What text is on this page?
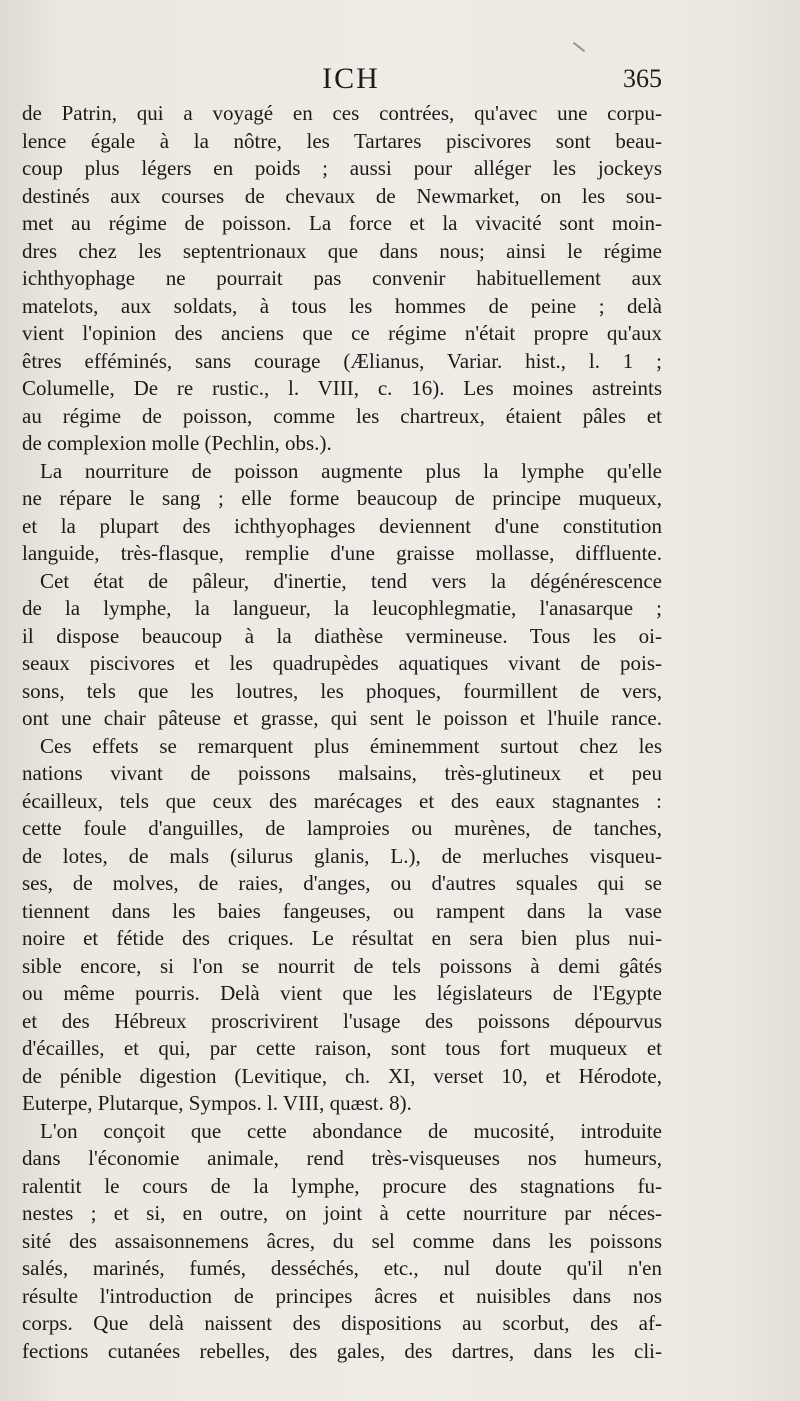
ICH	365
de Patrin, qui a voyagé en ces contrées, qu'avec une corpu-
lence égale à la nôtre, les Tartares piscivores sont beau-
coup plus légers en poids ; aussi pour alléger les jockeys
destinés aux courses de chevaux de Newmarket, on les sou-
met au régime de poisson. La force et la vivacité sont moin-
dres chez les septentrionaux que dans nous; ainsi le régime
ichthyophage ne pourrait pas convenir habituellement aux
matelots, aux soldats, à tous les hommes de peine ; delà
vient l'opinion des anciens que ce régime n'était propre qu'aux
êtres efféminés, sans courage (Ælianus, Variar. hist., l. 1 ;
Columelle, De re rustic., l. VIII, c. 16). Les moines astreints
au régime de poisson, comme les chartreux, étaient pâles et
de complexion molle (Pechlin, obs.).
La nourriture de poisson augmente plus la lymphe qu'elle
ne répare le sang ; elle forme beaucoup de principe muqueux,
et la plupart des ichthyophages deviennent d'une constitution
languide, très-flasque, remplie d'une graisse mollasse, diffluente.
Cet état de pâleur, d'inertie, tend vers la dégénérescence
de la lymphe, la langueur, la leucophlegmatie, l'anasarque ;
il dispose beaucoup à la diathèse vermineuse. Tous les oi-
seaux piscivores et les quadrupèdes aquatiques vivant de pois-
sons, tels que les loutres, les phoques, fourmillent de vers,
ont une chair pâteuse et grasse, qui sent le poisson et l'huile rance.
Ces effets se remarquent plus éminemment surtout chez les
nations vivant de poissons malsains, très-glutineux et peu
écailleux, tels que ceux des marécages et des eaux stagnantes :
cette foule d'anguilles, de lamproies ou murènes, de tanches,
de lotes, de mals (silurus glanis, L.), de merluches visqueu-
ses, de molves, de raies, d'anges, ou d'autres squales qui se
tiennent dans les baies fangeuses, ou rampent dans la vase
noire et fétide des criques. Le résultat en sera bien plus nui-
sible encore, si l'on se nourrit de tels poissons à demi gâtés
ou même pourris. Delà vient que les législateurs de l'Egypte
et des Hébreux proscrivirent l'usage des poissons dépourvus
d'écailles, et qui, par cette raison, sont tous fort muqueux et
de pénible digestion (Levitique, ch. XI, verset 10, et Hérodote,
Euterpe, Plutarque, Sympos. l. VIII, quæst. 8).
L'on conçoit que cette abondance de mucosité, introduite
dans l'économie animale, rend très-visqueuses nos humeurs,
ralentit le cours de la lymphe, procure des stagnations fu-
nestes ; et si, en outre, on joint à cette nourriture par néces-
sité des assaisonnemens âcres, du sel comme dans les poissons
salés, marinés, fumés, desséchés, etc., nul doute qu'il n'en
résulte l'introduction de principes âcres et nuisibles dans nos
corps. Que delà naissent des dispositions au scorbut, des af-
fections cutanées rebelles, des gales, des dartres, dans les cli-
